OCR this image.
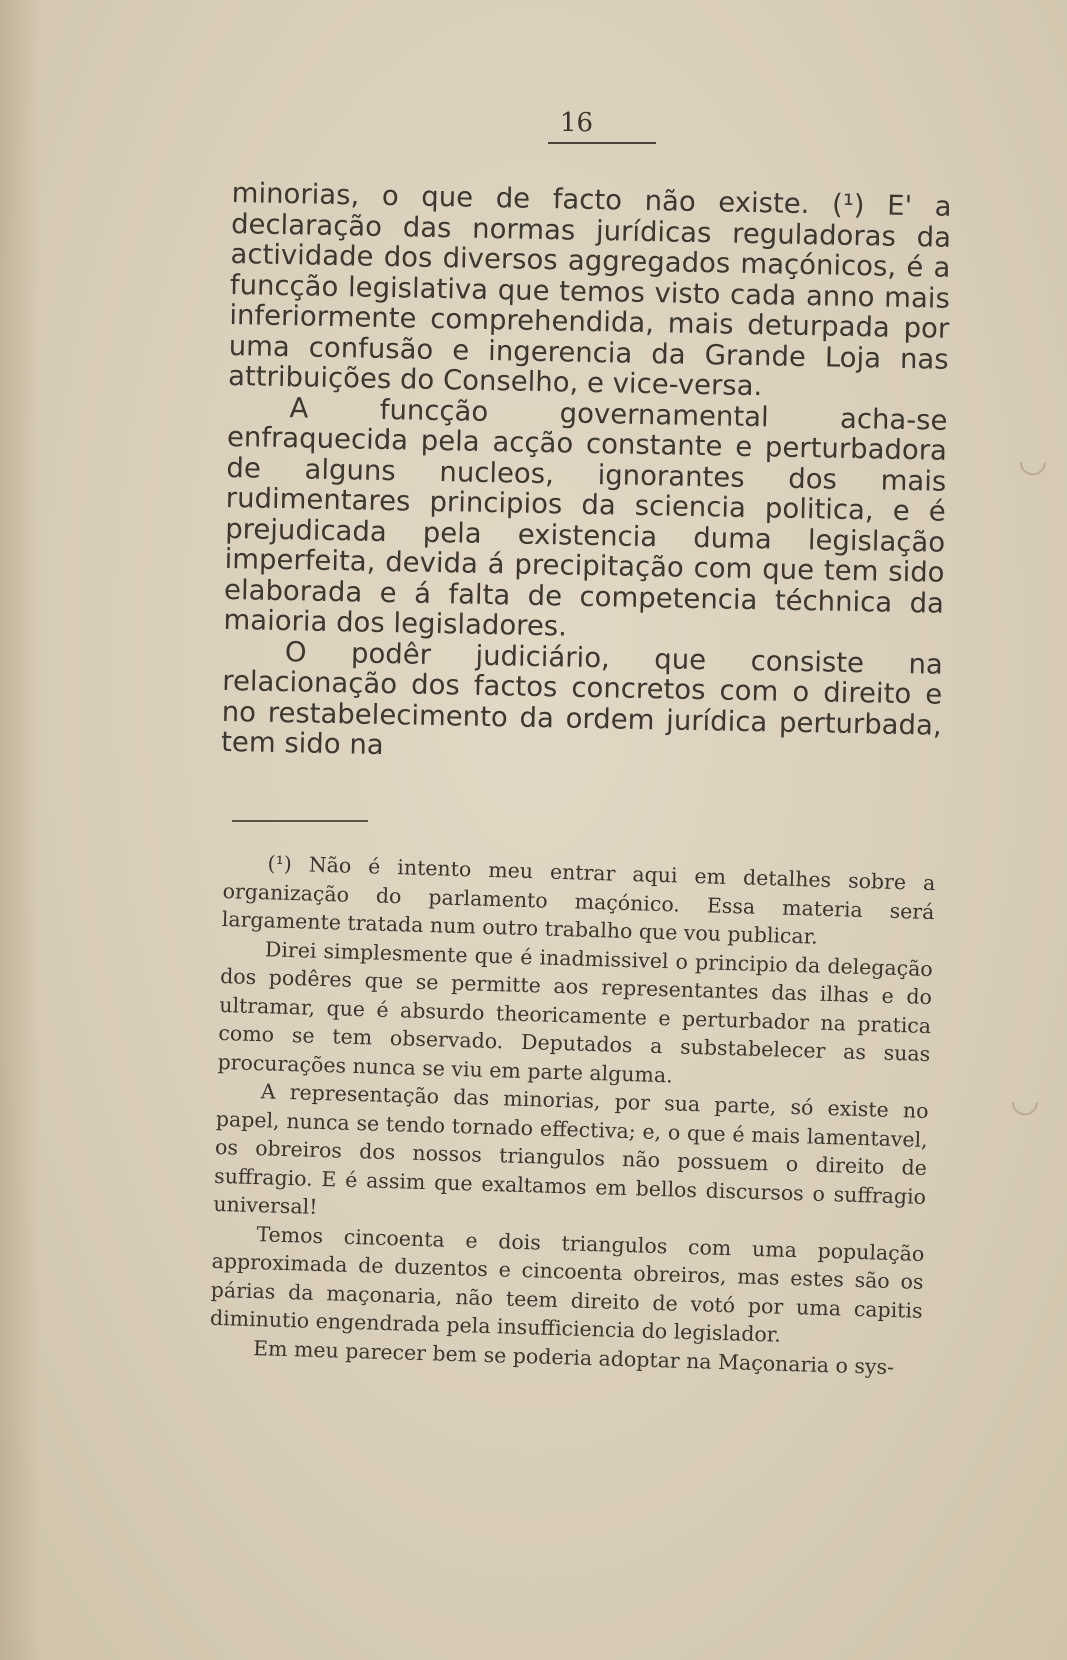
16

minorias, o que de facto não existe. (¹) E' a declaração das normas jurídicas reguladoras da actividade dos diversos aggregados maçónicos, é a funcção legislativa que temos visto cada anno mais inferiormente comprehendida, mais deturpada por uma confusão e ingerencia da Grande Loja nas attribuições do Conselho, e vice-versa.

A funcção governamental acha-se enfraquecida pela acção constante e perturbadora de alguns nucleos, ignorantes dos mais rudimentares principios da sciencia politica, e é prejudicada pela existencia duma legislação imperfeita, devida á precipitação com que tem sido elaborada e á falta de competencia téchnica da maioria dos legisladores.

O podêr judiciário, que consiste na relacionação dos factos concretos com o direito e no restabelecimento da ordem jurídica perturbada, tem sido na

(¹) Não é intento meu entrar aqui em detalhes sobre a organização do parlamento maçónico. Essa materia será largamente tratada num outro trabalho que vou publicar.

Direi simplesmente que é inadmissivel o principio da delegação dos podêres que se permitte aos representantes das ilhas e do ultramar, que é absurdo theoricamente e perturbador na pratica como se tem observado. Deputados a substabelecer as suas procurações nunca se viu em parte alguma.

A representação das minorias, por sua parte, só existe no papel, nunca se tendo tornado effectiva; e, o que é mais lamentavel, os obreiros dos nossos triangulos não possuem o direito de suffragio. E é assim que exaltamos em bellos discursos o suffragio universal!

Temos cincoenta e dois triangulos com uma população approximada de duzentos e cincoenta obreiros, mas estes são os párias da maçonaria, não teem direito de votó por uma capitis diminutio engendrada pela insufficiencia do legislador.

Em meu parecer bem se poderia adoptar na Maçonaria o sys-

◡
◡
